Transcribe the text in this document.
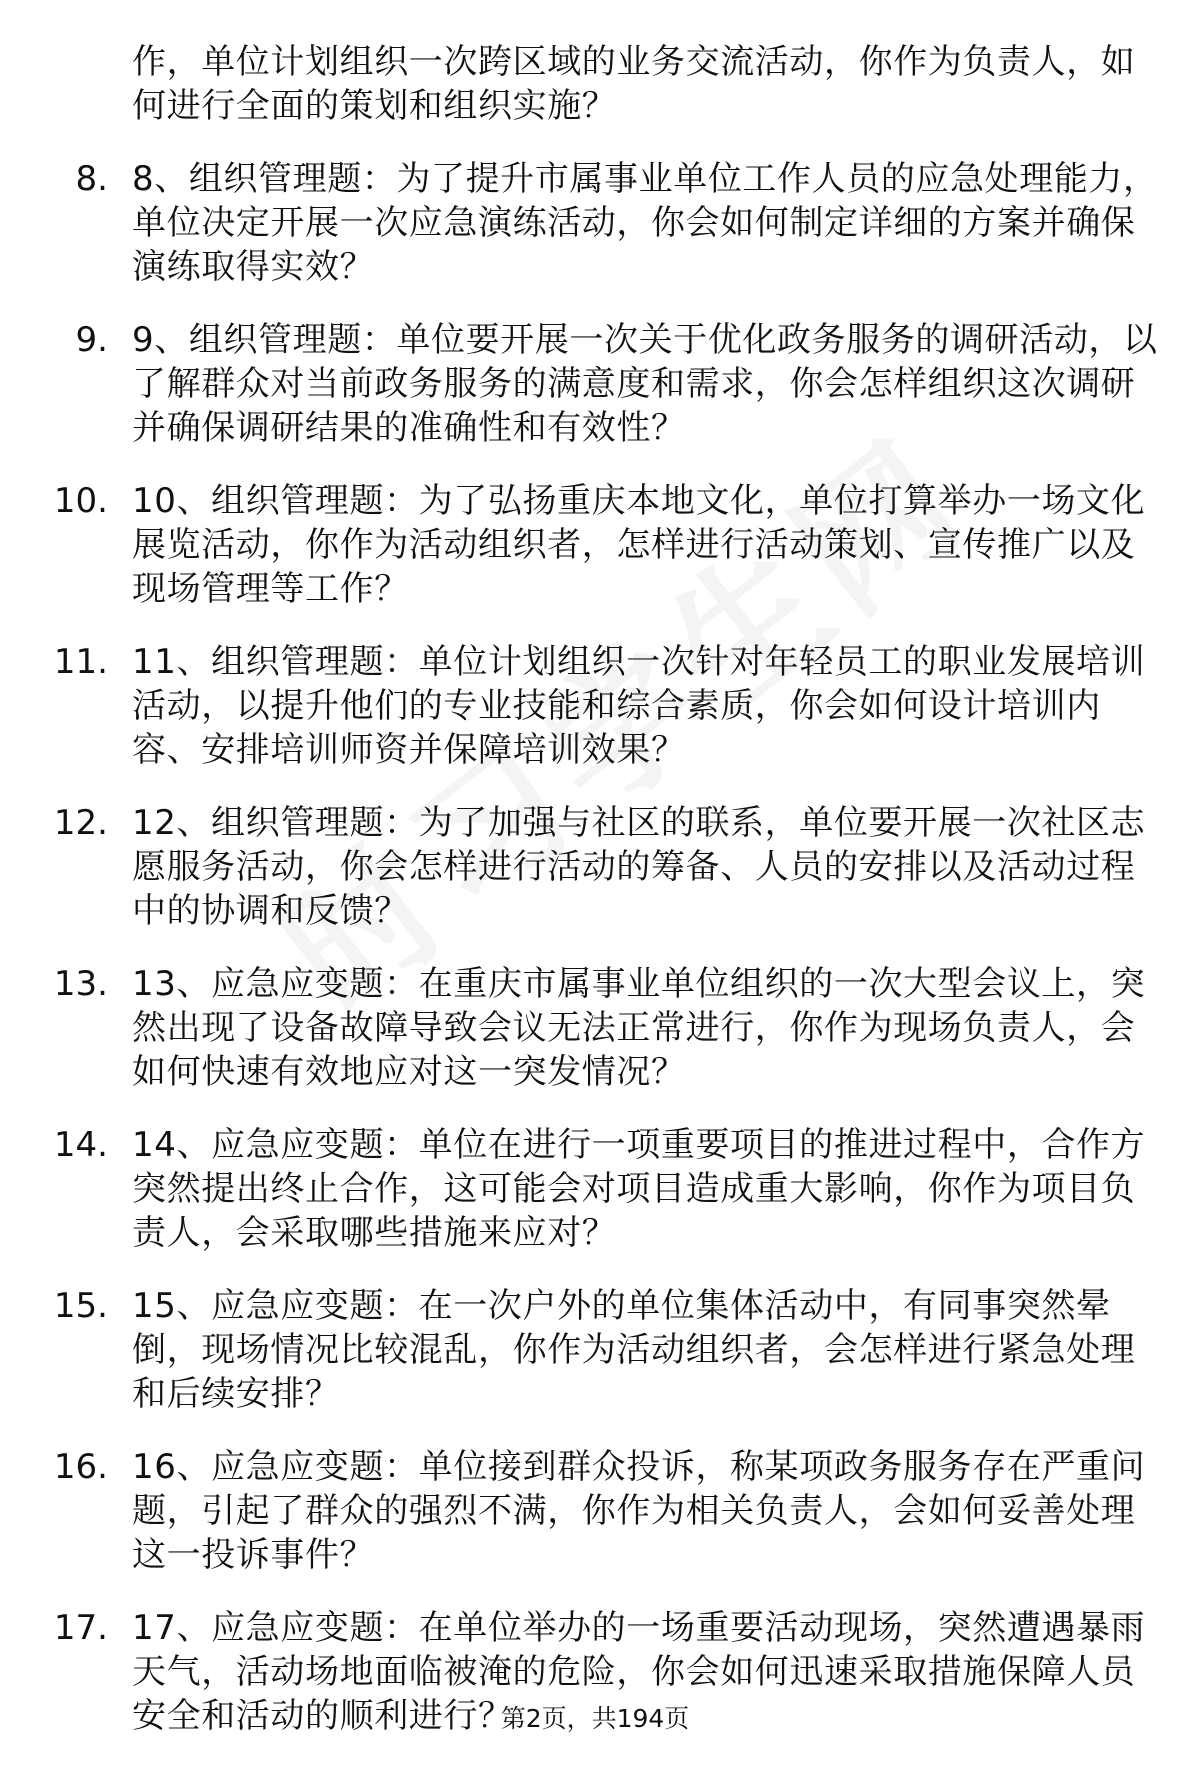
作，单位计划组织一次跨区域的业务交流活动，你作为负责人，如何进行全面的策划和组织实施？
8. 8、组织管理题：为了提升市属事业单位工作人员的应急处理能力，单位决定开展一次应急演练活动，你会如何制定详细的方案并确保演练取得实效？
9. 9、组织管理题：单位要开展一次关于优化政务服务的调研活动，以了解群众对当前政务服务的满意度和需求，你会怎样组织这次调研并确保调研结果的准确性和有效性？
10. 10、组织管理题：为了弘扬重庆本地文化，单位打算举办一场文化展览活动，你作为活动组织者，怎样进行活动策划、宣传推广以及现场管理等工作？
11. 11、组织管理题：单位计划组织一次针对年轻员工的职业发展培训活动，以提升他们的专业技能和综合素质，你会如何设计培训内容、安排培训师资并保障培训效果？
12. 12、组织管理题：为了加强与社区的联系，单位要开展一次社区志愿服务活动，你会怎样进行活动的筹备、人员的安排以及活动过程中的协调和反馈？
13. 13、应急应变题：在重庆市属事业单位组织的一次大型会议上，突然出现了设备故障导致会议无法正常进行，你作为现场负责人，会如何快速有效地应对这一突发情况？
14. 14、应急应变题：单位在进行一项重要项目的推进过程中，合作方突然提出终止合作，这可能会对项目造成重大影响，你作为项目负责人，会采取哪些措施来应对？
15. 15、应急应变题：在一次户外的单位集体活动中，有同事突然晕倒，现场情况比较混乱，你作为活动组织者，会怎样进行紧急处理和后续安排？
16. 16、应急应变题：单位接到群众投诉，称某项政务服务存在严重问题，引起了群众的强烈不满，你作为相关负责人，会如何妥善处理这一投诉事件？
17. 17、应急应变题：在单位举办的一场重要活动现场，突然遭遇暴雨天气，活动场地面临被淹的危险，你会如何迅速采取措施保障人员安全和活动的顺利进行？
第2页，共194页
